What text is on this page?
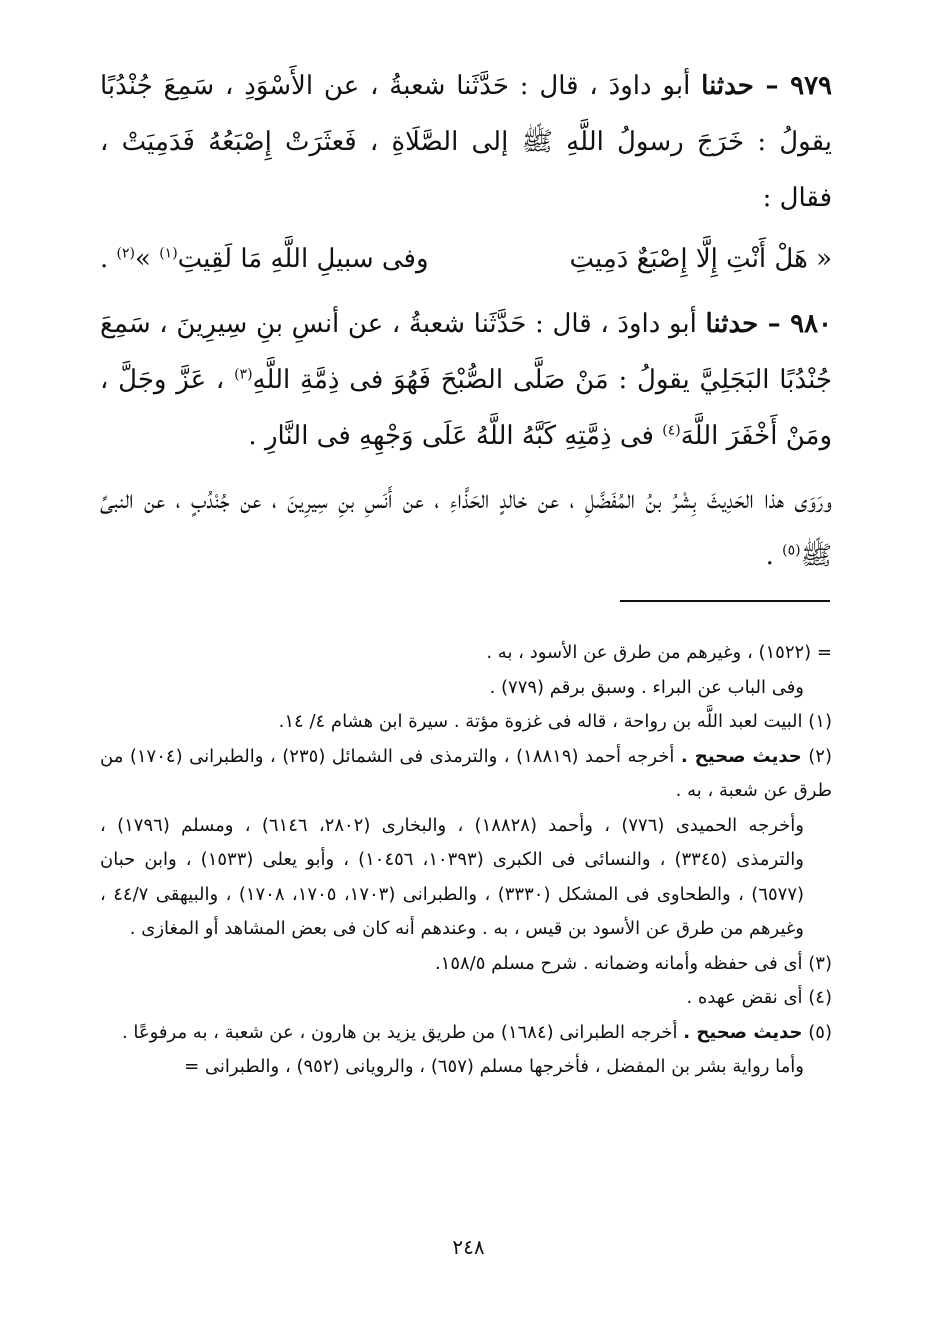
٩٧٩ – حدثنا أبو داودَ ، قال : حَدَّثَنا شعبةُ ، عن الأَسْوَدِ ، سَمِعَ جُنْدُبًا يقولُ : خَرَجَ رسولُ اللَّهِ ﷺ إلى الصَّلَاةِ ، فَعثَرَتْ إِصْبَعُهُ فَدَمِيَتْ ، فقال :

« هَلْ أَنْتِ إِلَّا إِصْبَعٌ دَمِيتِ
وفى سبيلِ اللَّهِ مَا لَقِيتِ$^{(١)}$ »$^{(٢)}$ .

٩٨٠ – حدثنا أبو داودَ ، قال : حَدَّثَنا شعبةُ ، عن أنسِ بنِ سِيرِينَ ، سَمِعَ جُنْدُبًا البَجَلِيَّ يقولُ : مَنْ صَلَّى الصُّبْحَ فَهُوَ فى ذِمَّةِ اللَّهِ$^{(٣)}$ ، عَزَّ وجَلَّ ، ومَنْ أَخْفَرَ اللَّهَ$^{(٤)}$ فى ذِمَّتِهِ كَبَّهُ اللَّهُ عَلَى وَجْهِهِ فى النَّارِ .

ورَوَى هذا الحَدِيثَ بِشْرُ بنُ المُفَضَّلِ ، عن خالدٍ الحَذَّاءِ ، عن أَنَسِ بنِ سِيرِينَ ، عن جُنْدُبٍ ، عن النبىِّ ﷺ$^{(٥)}$ .

= (١٥٢٢) ، وغيرهم من طرق عن الأسود ، به .

وفى الباب عن البراء . وسبق برقم (٧٧٩) .

(١) البيت لعبد اللَّه بن رواحة ، قاله فى غزوة مؤتة . سيرة ابن هشام ٤/ ١٤.

(٢) حديث صحيح . أخرجه أحمد (١٨٨١٩) ، والترمذى فى الشمائل (٢٣٥) ، والطبرانى (١٧٠٤) من طرق عن شعبة ، به .

وأخرجه الحميدى (٧٧٦) ، وأحمد (١٨٨٢٨) ، والبخارى (٢٨٠٢، ٦١٤٦) ، ومسلم (١٧٩٦) ، والترمذى (٣٣٤٥) ، والنسائى فى الكبرى (١٠٣٩٣، ١٠٤٥٦) ، وأبو يعلى (١٥٣٣) ، وابن حبان (٦٥٧٧) ، والطحاوى فى المشكل (٣٣٣٠) ، والطبرانى (١٧٠٣، ١٧٠٥، ١٧٠٨) ، والبيهقى ٤٤/٧ ، وغيرهم من طرق عن الأسود بن قيس ، به . وعندهم أنه كان فى بعض المشاهد أو المغازى .

(٣) أى فى حفظه وأمانه وضمانه . شرح مسلم ١٥٨/٥.

(٤) أى نقض عهده .

(٥) حديث صحيح . أخرجه الطبرانى (١٦٨٤) من طريق يزيد بن هارون ، عن شعبة ، به مرفوعًا .

وأما رواية بشر بن المفضل ، فأخرجها مسلم (٦٥٧) ، والرويانى (٩٥٢) ، والطبرانى =

٢٤٨
